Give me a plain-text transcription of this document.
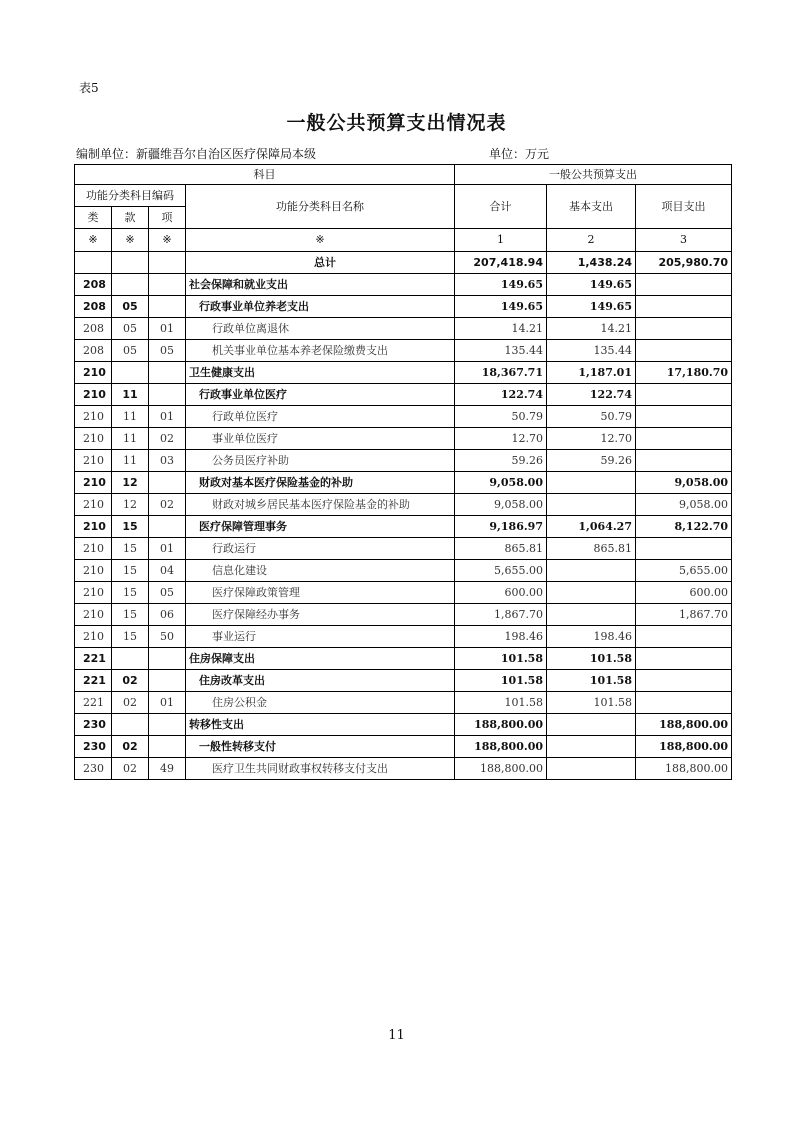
表5
一般公共预算支出情况表
编制单位：新疆维吾尔自治区医疗保障局本级	单位：万元
科目				一般公共预算支出		
功能分类科目编码			功能分类科目名称	合计	基本支出	项目支出
类	款	项				
※	※	※	※	1	2	3
			总计	207,418.94	1,438.24	205,980.70
208			社会保障和就业支出	149.65	149.65	
208	05		行政事业单位养老支出	149.65	149.65	
208	05	01	行政单位离退休	14.21	14.21	
208	05	05	机关事业单位基本养老保险缴费支出	135.44	135.44	
210			卫生健康支出	18,367.71	1,187.01	17,180.70
210	11		行政事业单位医疗	122.74	122.74	
210	11	01	行政单位医疗	50.79	50.79	
210	11	02	事业单位医疗	12.70	12.70	
210	11	03	公务员医疗补助	59.26	59.26	
210	12		财政对基本医疗保险基金的补助	9,058.00		9,058.00
210	12	02	财政对城乡居民基本医疗保险基金的补助	9,058.00		9,058.00
210	15		医疗保障管理事务	9,186.97	1,064.27	8,122.70
210	15	01	行政运行	865.81	865.81	
210	15	04	信息化建设	5,655.00		5,655.00
210	15	05	医疗保障政策管理	600.00		600.00
210	15	06	医疗保障经办事务	1,867.70		1,867.70
210	15	50	事业运行	198.46	198.46	
221			住房保障支出	101.58	101.58	
221	02		住房改革支出	101.58	101.58	
221	02	01	住房公积金	101.58	101.58	
230			转移性支出	188,800.00		188,800.00
230	02		一般性转移支付	188,800.00		188,800.00
230	02	49	医疗卫生共同财政事权转移支付支出	188,800.00		188,800.00
11
